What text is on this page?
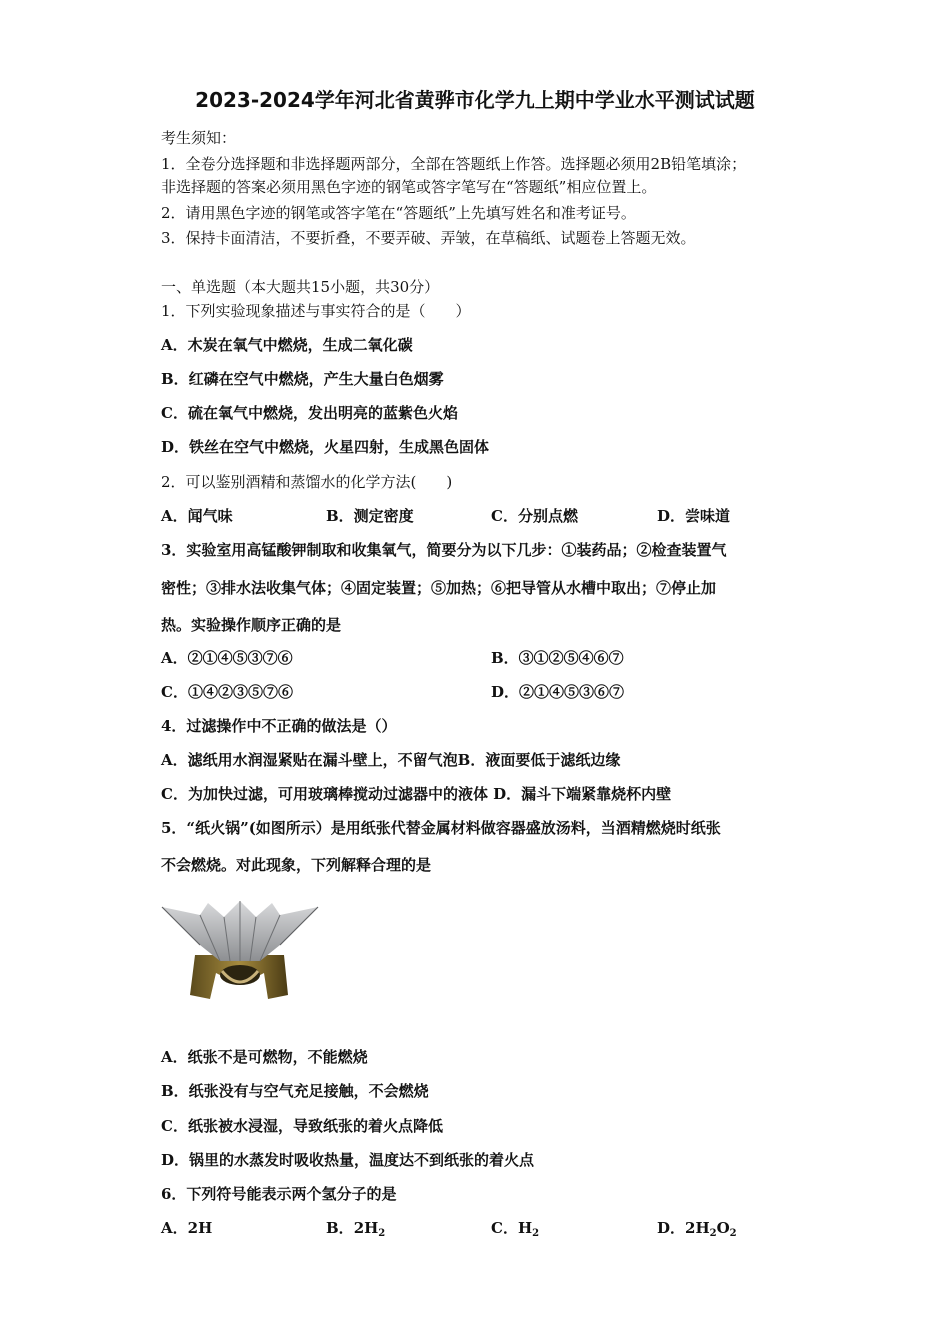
2023-2024学年河北省黄骅市化学九上期中学业水平测试试题
考生须知：
1．全卷分选择题和非选择题两部分，全部在答题纸上作答。选择题必须用2B铅笔填涂；
非选择题的答案必须用黑色字迹的钢笔或答字笔写在“答题纸”相应位置上。
2．请用黑色字迹的钢笔或答字笔在“答题纸”上先填写姓名和准考证号。
3．保持卡面清洁，不要折叠，不要弄破、弄皱，在草稿纸、试题卷上答题无效。
一、单选题（本大题共15小题，共30分）
1．下列实验现象描述与事实符合的是（　　）
A．木炭在氧气中燃烧，生成二氧化碳
B．红磷在空气中燃烧，产生大量白色烟雾
C．硫在氧气中燃烧，发出明亮的蓝紫色火焰
D．铁丝在空气中燃烧，火星四射，生成黑色固体
2．可以鉴别酒精和蒸馏水的化学方法(　　)
A．闻气味	B．测定密度	C．分别点燃	D．尝味道
3．实验室用高锰酸钾制取和收集氧气，简要分为以下几步：①装药品；②检查装置气
密性；③排水法收集气体；④固定装置；⑤加热；⑥把导管从水槽中取出；⑦停止加
热。实验操作顺序正确的是
A．②①④⑤③⑦⑥	B．③①②⑤④⑥⑦
C．①④②③⑤⑦⑥	D．②①④⑤③⑥⑦
4．过滤操作中不正确的做法是（）
A．滤纸用水润湿紧贴在漏斗壁上，不留气泡B．液面要低于滤纸边缘
C．为加快过滤，可用玻璃棒搅动过滤器中的液体 D．漏斗下端紧靠烧杯内壁
5．“纸火锅”(如图所示）是用纸张代替金属材料做容器盛放汤料，当酒精燃烧时纸张
不会燃烧。对此现象，下列解释合理的是
A．纸张不是可燃物，不能燃烧
B．纸张没有与空气充足接触，不会燃烧
C．纸张被水浸湿，导致纸张的着火点降低
D．锅里的水蒸发时吸收热量，温度达不到纸张的着火点
6．下列符号能表示两个氢分子的是
A．2H	B．$2H_2$	C．$H_2$	D．$2H_2O_2$
